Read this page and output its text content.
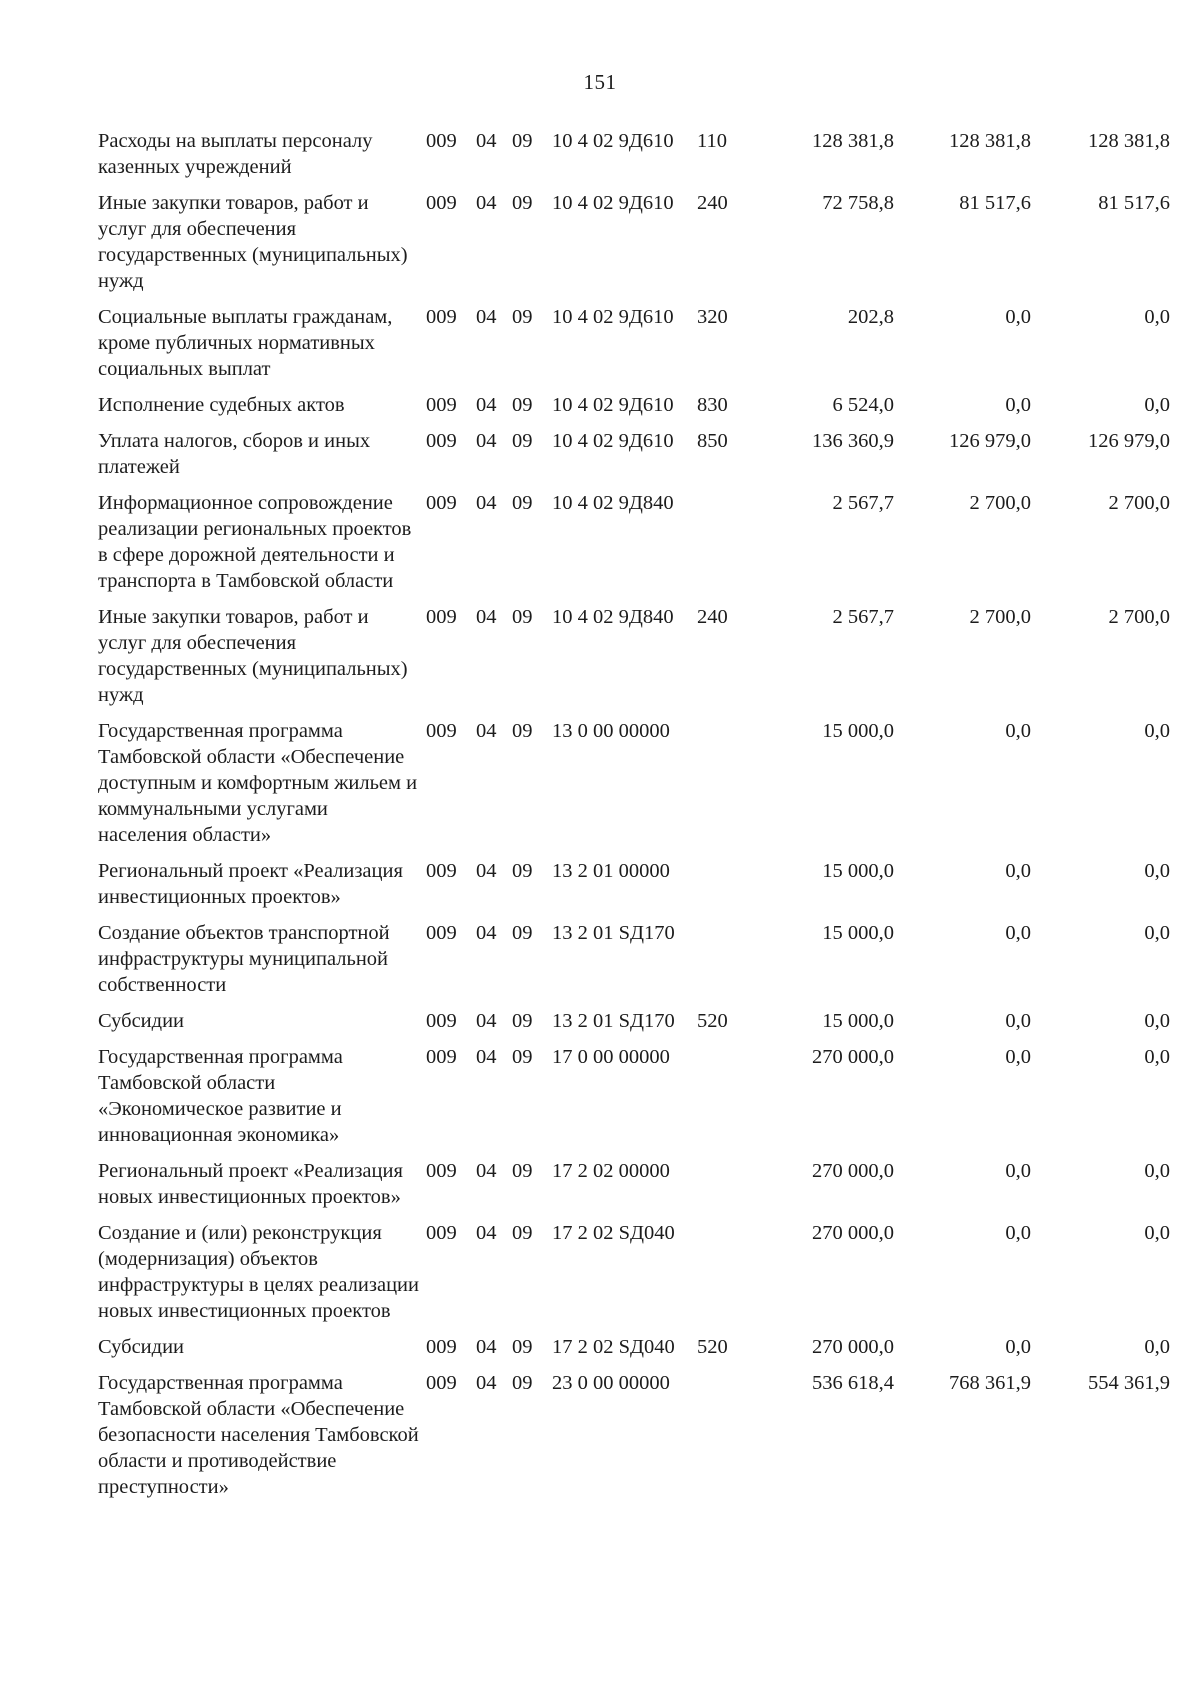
151
Расходы на выплаты персоналу казенных учреждений	009	04	09	10 4 02 9Д610	110	128 381,8	128 381,8	128 381,8
Иные закупки товаров, работ и услуг для обеспечения государственных (муниципальных) нужд	009	04	09	10 4 02 9Д610	240	72 758,8	81 517,6	81 517,6
Социальные выплаты гражданам, кроме публичных нормативных социальных выплат	009	04	09	10 4 02 9Д610	320	202,8	0,0	0,0
Исполнение судебных актов	009	04	09	10 4 02 9Д610	830	6 524,0	0,0	0,0
Уплата налогов, сборов и иных платежей	009	04	09	10 4 02 9Д610	850	136 360,9	126 979,0	126 979,0
Информационное сопровождение реализации региональных проектов в сфере дорожной деятельности и транспорта в Тамбовской области	009	04	09	10 4 02 9Д840		2 567,7	2 700,0	2 700,0
Иные закупки товаров, работ и услуг для обеспечения государственных (муниципальных) нужд	009	04	09	10 4 02 9Д840	240	2 567,7	2 700,0	2 700,0
Государственная программа Тамбовской области «Обеспечение доступным и комфортным жильем и коммунальными услугами населения области»	009	04	09	13 0 00 00000		15 000,0	0,0	0,0
Региональный проект «Реализация инвестиционных проектов»	009	04	09	13 2 01 00000		15 000,0	0,0	0,0
Создание объектов транспортной инфраструктуры муниципальной собственности	009	04	09	13 2 01 SД170		15 000,0	0,0	0,0
Субсидии	009	04	09	13 2 01 SД170	520	15 000,0	0,0	0,0
Государственная программа Тамбовской области «Экономическое развитие и инновационная экономика»	009	04	09	17 0 00 00000		270 000,0	0,0	0,0
Региональный проект «Реализация новых инвестиционных проектов»	009	04	09	17 2 02 00000		270 000,0	0,0	0,0
Создание и (или) реконструкция (модернизация) объектов инфраструктуры в целях реализации новых инвестиционных проектов	009	04	09	17 2 02 SД040		270 000,0	0,0	0,0
Субсидии	009	04	09	17 2 02 SД040	520	270 000,0	0,0	0,0
Государственная программа Тамбовской области «Обеспечение безопасности населения Тамбовской области и противодействие преступности»	009	04	09	23 0 00 00000		536 618,4	768 361,9	554 361,9
